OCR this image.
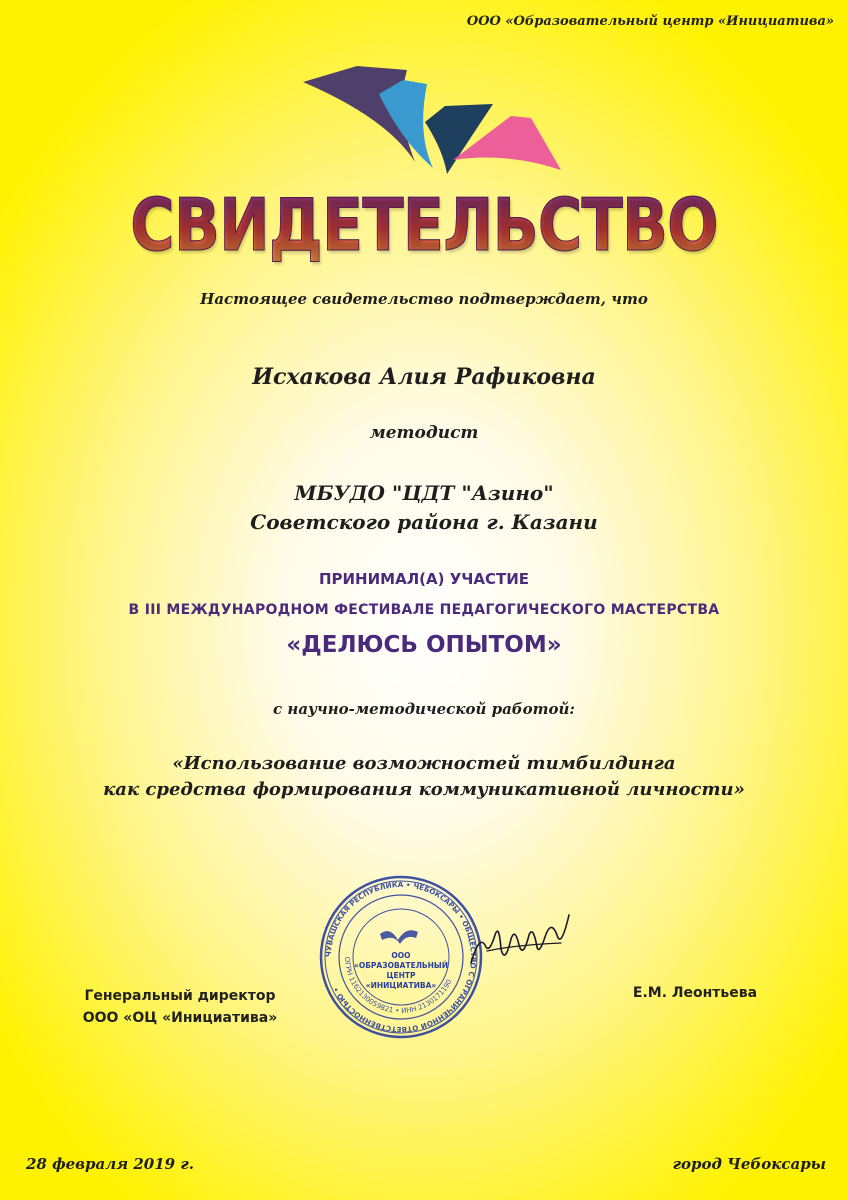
ООО «Образовательный центр «Инициатива»
СВИДЕТЕЛЬСТВО
Настоящее свидетельство подтверждает, что
Исхакова Алия Рафиковна
методист
МБУДО "ЦДТ "Азино"
Советского района г. Казани
ПРИНИМАЛ(А) УЧАСТИЕ
В III МЕЖДУНАРОДНОМ ФЕСТИВАЛЕ ПЕДАГОГИЧЕСКОГО МАСТЕРСТВА
«ДЕЛЮСЬ ОПЫТОМ»
с научно-методической работой:
«Использование возможностей тимбилдинга
как средства формирования коммуникативной личности»
Генеральный директор
ООО «ОЦ «Инициатива»
ЧУВАШСКАЯ РЕСПУБЛИКА • ЧЕБОКСАРЫ • ОБЩЕСТВО С ОГРАНИЧЕННОЙ ОТВЕТСТВЕННОСТЬЮ •
ОГРН 1162130059821 • ИНН 2130171190
ООО
«ОБРАЗОВАТЕЛЬНЫЙ
ЦЕНТР
«ИНИЦИАТИВА»	Е.М. Леонтьева
28 февраля 2019 г.	город Чебоксары
